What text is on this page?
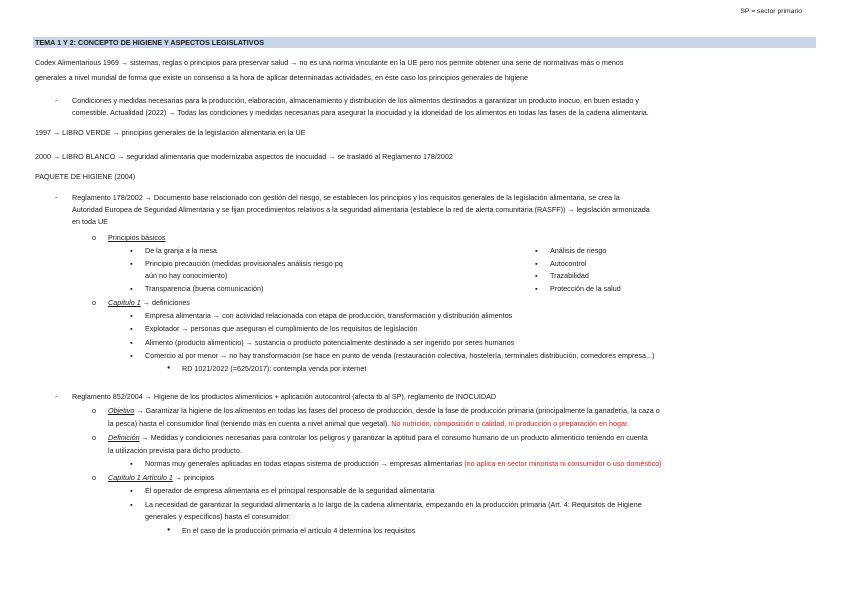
SP = sector primario
TEMA 1 Y 2: CONCEPTO DE HIGIENE Y ASPECTOS LEGISLATIVOS
Codex Alimentarious 1969 → sistemas, reglas o principios para preservar salud → no es una norma vinculante en la UE pero nos permite obtener una serie de normativas más o menos
generales a nivel mundial de forma que existe un consenso a la hora de aplicar determinadas actividades, en éste caso los principios generales de higiene
- Condiciones y medidas necesarias para la producción, elaboración, almacenamiento y distribución de los alimentos destinados a garantizar un producto inocuo, en buen estado y
comestible. Actualidad (2022) → Todas las condiciones y medidas necesarias para asegurar la inocuidad y la idoneidad de los alimentos en todas las fases de la cadena alimentaria.
1997 → LIBRO VERDE → principios generales de la legislación alimentaria en la UE
2000 → LIBRO BLANCO → seguridad alimentaria que modernizaba aspectos de inocuidad → se trasladó al Reglamento 178/2002
PAQUETE DE HIGIENE (2004)
- Reglamento 178/2002 → Documento base relacionado con gestión del riesgo, se establecen los principios y los requisitos generales de la legislación alimentaria, se crea la
Autoridad Europea de Seguridad Alimentaria y se fijan procedimientos relativos a la seguridad alimentaria (establece la red de alerta comunitaria (RASFF)) → legislación armonizada
en toda UE
o Principios básicos
▪ De la granja a la mesa
▪ Principio precaución (medidas provisionales análisis riesgo pq
aún no hay conocimiento)
▪ Transparencia (buena comunicación)
▪ Análisis de riesgo
▪ Autocontrol
▪ Trazabilidad
▪ Protección de la salud
o Capítulo 1 → definiciones
▪ Empresa alimentaria → con actividad relacionada con etapa de producción, transformación y distribución alimentos
▪ Explotador → personas que aseguran el cumplimiento de los requisitos de legislación
▪ Alimento (producto alimenticio) → sustancia o producto potencialmente destinado a ser ingerido por seres humanos
▪ Comercio al por menor → no hay transformación (se hace en punto de venda (restauración colectiva, hostelería, terminales distribución, comedores empresa...)
● RD 1021/2022 (=625/2017): contempla venda por internet
- Reglamento 852/2004 → Higiene de los productos alimenticios + aplicación autocontrol (afecta tb al SP), reglamento de INOCUIDAD
o Objetivo → Garantizar la higiene de los alimentos en todas las fases del proceso de producción, desde la fase de producción primaria (principalmente la ganadería, la caza o
la pesca) hasta el consumidor final (teniendo más en cuenta a nivel animal que vegetal). No nutrición, composición o calidad, ni producción o preparación en hogar.
o Definición → Medidas y condiciones necesarias para controlar los peligros y garantizar la aptitud para el consumo humano de un producto alimenticio teniendo en cuenta
la utilización prevista para dicho producto.
▪ Normas muy generales aplicadas en todas etapas sistema de producción → empresas alimentarias (no aplica en sector minorista ni consumidor o uso doméstico)
o Capítulo 1 Artículo 1 → principios
▪ El operador de empresa alimentaria es el principal responsable de la seguridad alimentaria
▪ La necesidad de garantizar la seguridad alimentaria a lo largo de la cadena alimentaria, empezando en la producción primaria (Art. 4: Requisitos de Higiene
generales y específicos) hasta el consumidor.
● En el caso de la producción primaria el artículo 4 determina los requisitos
